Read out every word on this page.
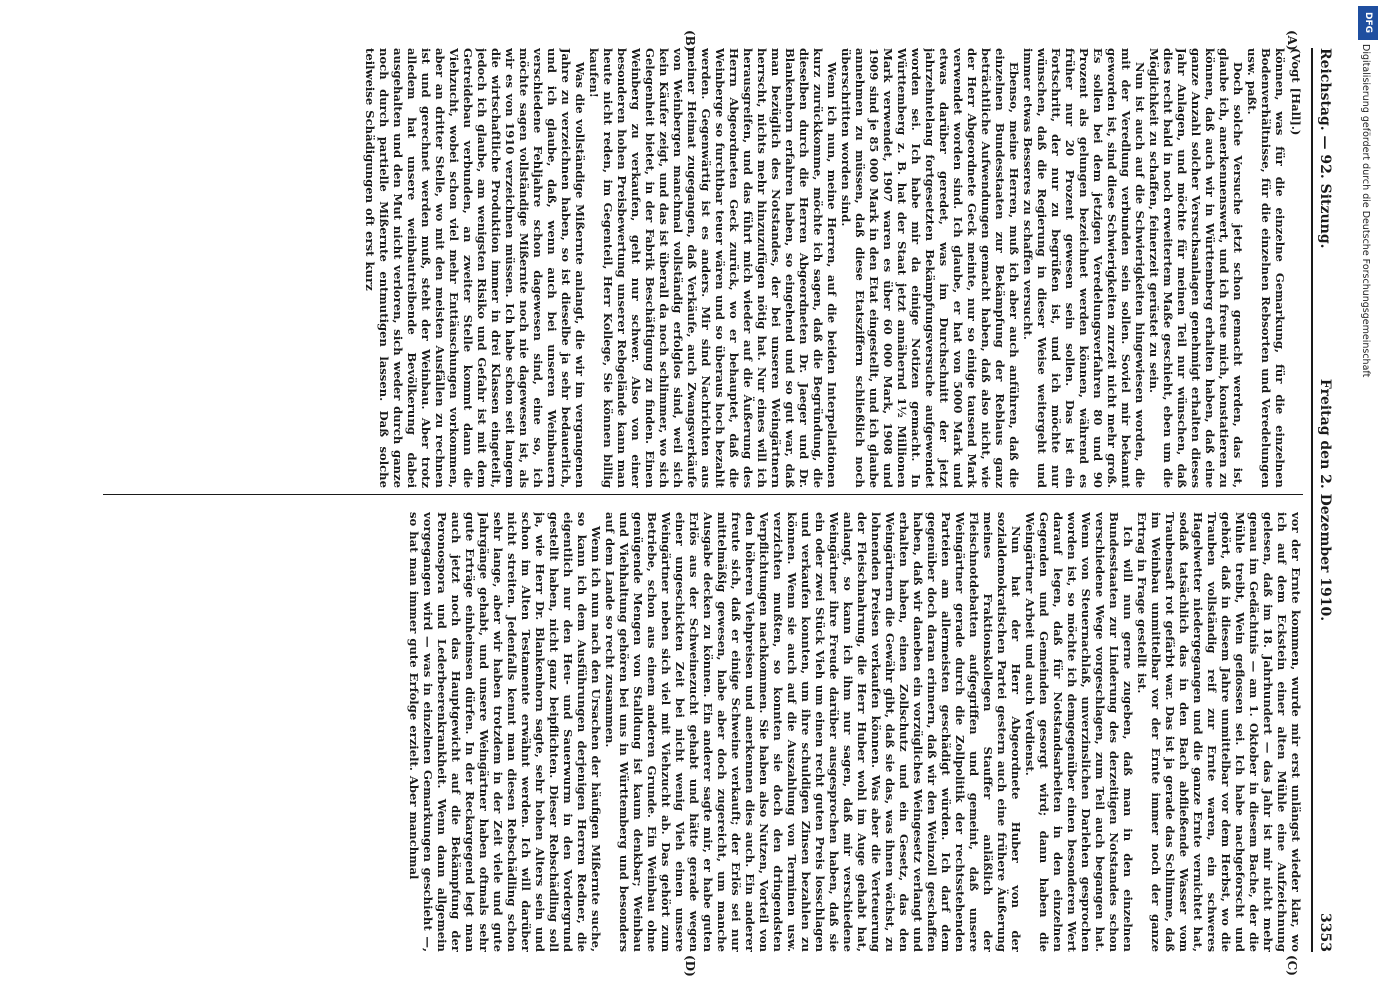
Reichstag. — 92. Sitzung.
Freitag den 2. Dezember 1910.
3353
(A)
(B)
(C)
(D)
(Vogt [Hall].)

können, was für die einzelne Gemarkung, für die einzelnen Bodenverhältnisse, für die einzelnen Rebsorten und Veredelungen usw. paßt.

Doch solche Versuche jetzt schon gemacht werden, das ist, glaube ich, anerkennenswert, und ich freue mich, konstatieren zu können, daß auch wir in Württemberg erhalten haben, daß eine ganze Anzahl solcher Versuchsanlagen genehmigt erhalten dieses Jahr Anlagen, und möchte für meinen Teil nur wünschen, daß dies recht bald in noch erweitertem Maße geschieht, eben um die Möglichkeit zu schaffen, feinerzeit gerüstet zu sein.

Nun ist auch auf die Schwierigkeiten hingewiesen worden, die mit der Veredlung verbunden sein sollen. Soviel mir bekannt geworden ist, sind diese Schwierigkeiten zurzeit nicht mehr groß. Es sollen bei dem jetzigen Veredelungsverfahren 80 und 90 Prozent als gelungen bezeichnet werden können, während es früher nur 20 Prozent gewesen sein sollen. Das ist ein Fortschritt, der nur zu begrüßen ist, und ich möchte nur wünschen, daß die Regierung in dieser Weise weitergeht und immer etwas Besseres zu schaffen versucht.

Ebenso, meine Herren, muß ich aber auch anführen, daß die einzelnen Bundesstaaten zur Bekämpfung der Reblaus ganz beträchtliche Aufwendungen gemacht haben, daß also nicht, wie der Herr Abgeordnete Geck meinte, nur so einige tausend Mark verwendet worden sind. Ich glaube, er hat von 5000 Mark und etwas darüber geredet, was im Durchschnitt der jetzt jahrzehntelang fortgesetzten Bekämpfungsversuche aufgewendet worden sei. Ich habe mir da einige Notizen gemacht. In Württemberg z. B. hat der Staat jetzt annähernd 1½ Millionen Mark verwendet, 1907 waren es über 60 000 Mark, 1908 und 1909 sind je 85 000 Mark in den Etat eingestellt, und ich glaube annehmen zu müssen, daß diese Etatsziffern schließlich noch überschritten worden sind.

Wenn ich nun, meine Herren, auf die beiden Interpellationen kurz zurückkomme, möchte ich sagen, daß die Begründung, die dieselben durch die Herren Abgeordneten Dr. Jaeger und Dr. Blankenhorn erfahren haben, so eingehend und so gut war, daß man bezüglich des Notstandes, der bei unseren Weingärtnern herrscht, nichts mehr hinzuzufügen nötig hat. Nur eines will ich herausgreifen, und das führt mich wieder auf die Äußerung des Herrn Abgeordneten Geck zurück, wo er behauptet, daß die Weinberge so furchtbar teuer wären und so überaus hoch bezahlt werden. Gegenwärtig ist es anders. Mir sind Nachrichten aus meiner Heimat zugegangen, daß Verkäufe, auch Zwangsverkäufe von Weinbergen manchmal vollständig erfolglos sind, weil sich kein Käufer zeigt, und das ist überall da noch schlimmer, wo sich Gelegenheit bietet, in der Fabrik Beschäftigung zu finden. Einen Weinberg zu verkaufen, geht nur schwer. Also von einer besonderen hohen Preisbewertung unserer Rebgelände kann man heute nicht reden, im Gegenteil, Herr Kollege, Sie können billig kaufen!

Was die vollständige Mißernte anlangt, die wir im vergangenen Jahre zu verzeichnen haben, so ist dieselbe ja sehr bedauerlich, und ich glaube, daß, wenn auch bei unseren Weinbauern verschiedene Fehljahre schon dagewesen sind, eine so, ich möchte sagen vollständige Mißernte noch nie dagewesen ist, als wir es von 1910 verzeichnen müssen. Ich habe schon seit langem die wirtschaftliche Produktion immer in drei Klassen eingeteilt, jedoch ich glaube, am wenigsten Risiko und Gefahr ist mit dem Getreidebau verbunden, an zweiter Stelle kommt dann die Viehzucht, wobei schon viel mehr Enttäuschungen vorkommen, aber an dritter Stelle, wo mit den meisten Ausfällen zu rechnen ist und gerechnet werden muß, steht der Weinbau. Aber trotz alledem hat unsere weinbautreibende Bevölkerung dabei ausgehalten und den Mut nicht verloren, sich weder durch ganze noch durch partielle Mißernte entmutigen lassen. Daß solche teilweise Schädigungen oft erst kurz

vor der Ernte kommen, wurde mir erst unlängst wieder klar, wo ich auf dem Eckstein einer alten Mühle eine Aufzeichnung gelesen, daß im 18. Jahrhundert — das Jahr ist mir nicht mehr genau im Gedächtnis — am 1. Oktober in diesem Bache, der die Mühle treibt, Wein geflossen sei. Ich habe nachgeforscht und gehört, daß in diesem Jahre unmittelbar vor dem Herbst, wo die Trauben vollständig reif zur Ernte waren, ein schweres Hagelwetter niedergegangen und die ganze Ernte vernichtet hat, sodaß tatsächlich das in den Bach abfließende Wasser vom Traubensaft rot gefärbt war. Das ist ja gerade das Schlimme, daß im Weinbau unmittelbar vor der Ernte immer noch der ganze Ertrag in Frage gestellt ist.

Ich will nun gerne zugeben, daß man in den einzelnen Bundesstaaten zur Linderung des derzeitigen Notstandes schon verschiedene Wege vorgeschlagen, zum Teil auch begangen hat. Wenn von Steuernachlaß, unverzinslichen Darlehen gesprochen worden ist, so möchte ich demgegenüber einen besonderen Wert darauf legen, daß für Notstandsarbeiten in den einzelnen Gegenden und Gemeinden gesorgt wird; dann haben die Weingärtner Arbeit und auch Verdienst.

Nun hat der Herr Abgeordnete Huber von der sozialdemokratischen Partei gestern auch eine frühere Äußerung meines Fraktionskollegen Stauffer anläßlich der Fleischnotdebatten aufgegriffen und gemeint, daß unsere Weingärtner gerade durch die Zollpolitik der rechtsstehenden Parteien am allermeisten geschädigt würden. Ich darf dem gegenüber doch daran erinnern, daß wir den Weinzoll geschaffen haben, daß wir daneben ein vorzügliches Weingesetz verlangt und erhalten haben, einen Zollschutz und ein Gesetz, das den Weingärtnern die Gewähr gibt, daß sie das, was ihnen wächst, zu lohnenden Preisen verkaufen können. Was aber die Verteuerung der Fleischnahrung, die Herr Huber wohl im Auge gehabt hat, anlangt, so kann ich ihm nur sagen, daß mir verschiedene Weingärtner ihre Freude darüber ausgesprochen haben, daß sie ein oder zwei Stück Vieh um einen recht guten Preis losschlagen und verkaufen konnten, um ihre schuldigen Zinsen bezahlen zu können. Wenn sie auch auf die Auszahlung von Terminen usw. verzichten mußten, so konnten sie doch den dringendsten Verpflichtungen nachkommen. Sie haben also Nutzen, Vorteil von den höheren Viehpreisen und anerkennen dies auch. Ein anderer freute sich, daß er einige Schweine verkauft; der Erlös sei nur mittelmäßig gewesen, habe aber doch zugereicht, um manche Ausgabe decken zu können. Ein anderer sagte mir, er habe guten Erlös aus der Schweinezucht gehabt und hätte gerade wegen einer ungeschickten Zeit bei nicht wenig Vieh einen unsere Weingärtner neben sich viel mit Viehzucht ab. Das gehört zum Betriebe, schon aus einem anderen Grunde. Ein Weinbau ohne genügende Mengen von Stalldung ist kaum denkbar; Weinbau und Viehhaltung gehören bei uns in Württemberg und besonders auf dem Lande so recht zusammen.

Wenn ich nun nach den Ursachen der häufigen Mißernte suche, so kann ich dem Ausführungen derjenigen Herren Redner, die eigentlich nur den Heu- und Sauerwurm in den Vordergrund gestellt haben, nicht ganz beipflichten. Dieser Rebschädling soll ja, wie Herr Dr. Blankenhorn sagte, sehr hohen Alters sein und schon im Alten Testamente erwähnt werden. Ich will darüber nicht streiten. Jedenfalls kennt man diesen Rebschädling schon sehr lange, aber wir haben trotzdem in der Zeit viele und gute Jahrgänge gehabt, und unsere Weingärtner haben oftmals sehr gute Erträge einheimsen dürfen. In der Reckargegend legt man auch jetzt noch das Hauptgewicht auf die Bekämpfung der Peronospora und Lederbeerenkrankheit. Wenn dann allgemein vorgegangen wird — was in einzelnen Gemarkungen geschieht —, so hat man immer gute Erfolge erzielt. Aber manchmal

DFG
Digitalisierung gefördert durch die Deutsche Forschungsgemeinschaft
